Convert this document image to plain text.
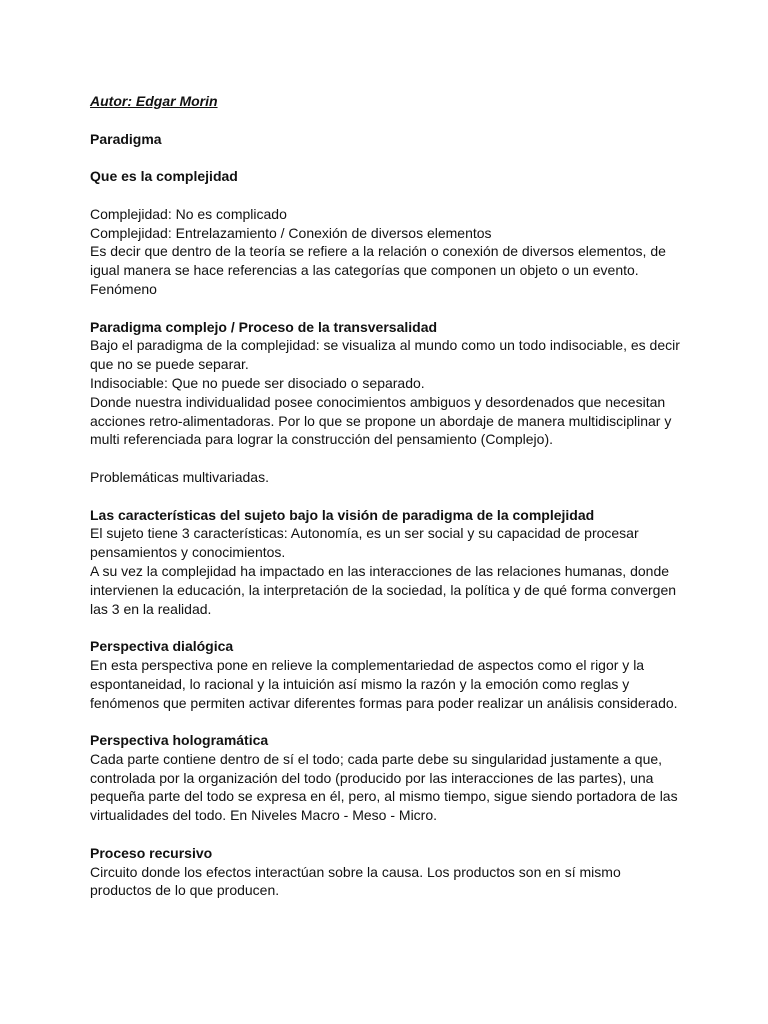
Autor: Edgar Morin

Paradigma

Que es la complejidad

Complejidad: No es complicado

Complejidad: Entrelazamiento / Conexión de diversos elementos

Es decir que dentro de la teoría se refiere a la relación o conexión de diversos elementos, de

igual manera se hace referencias a las categorías que componen un objeto o un evento.

Fenómeno

Paradigma complejo / Proceso de la transversalidad

Bajo el paradigma de la complejidad: se visualiza al mundo como un todo indisociable, es decir

que no se puede separar.

Indisociable: Que no puede ser disociado o separado.

Donde nuestra individualidad posee conocimientos ambiguos y desordenados que necesitan

acciones retro-alimentadoras. Por lo que se propone un abordaje de manera multidisciplinar y

multi referenciada para lograr la construcción del pensamiento (Complejo).

Problemáticas multivariadas.

Las características del sujeto bajo la visión de paradigma de la complejidad

El sujeto tiene 3 características: Autonomía, es un ser social y su capacidad de procesar

pensamientos y conocimientos.

A su vez la complejidad ha impactado en las interacciones de las relaciones humanas, donde

intervienen la educación, la interpretación de la sociedad, la política y de qué forma convergen

las 3 en la realidad.

Perspectiva dialógica

En esta perspectiva pone en relieve la complementariedad de aspectos como el rigor y la

espontaneidad, lo racional y la intuición así mismo la razón y la emoción como reglas y

fenómenos que permiten activar diferentes formas para poder realizar un análisis considerado.

Perspectiva hologramática

Cada parte contiene dentro de sí el todo; cada parte debe su singularidad justamente a que,

controlada por la organización del todo (producido por las interacciones de las partes), una

pequeña parte del todo se expresa en él, pero, al mismo tiempo, sigue siendo portadora de las

virtualidades del todo. En Niveles Macro - Meso - Micro.

Proceso recursivo

Circuito donde los efectos interactúan sobre la causa. Los productos son en sí mismo

productos de lo que producen.
